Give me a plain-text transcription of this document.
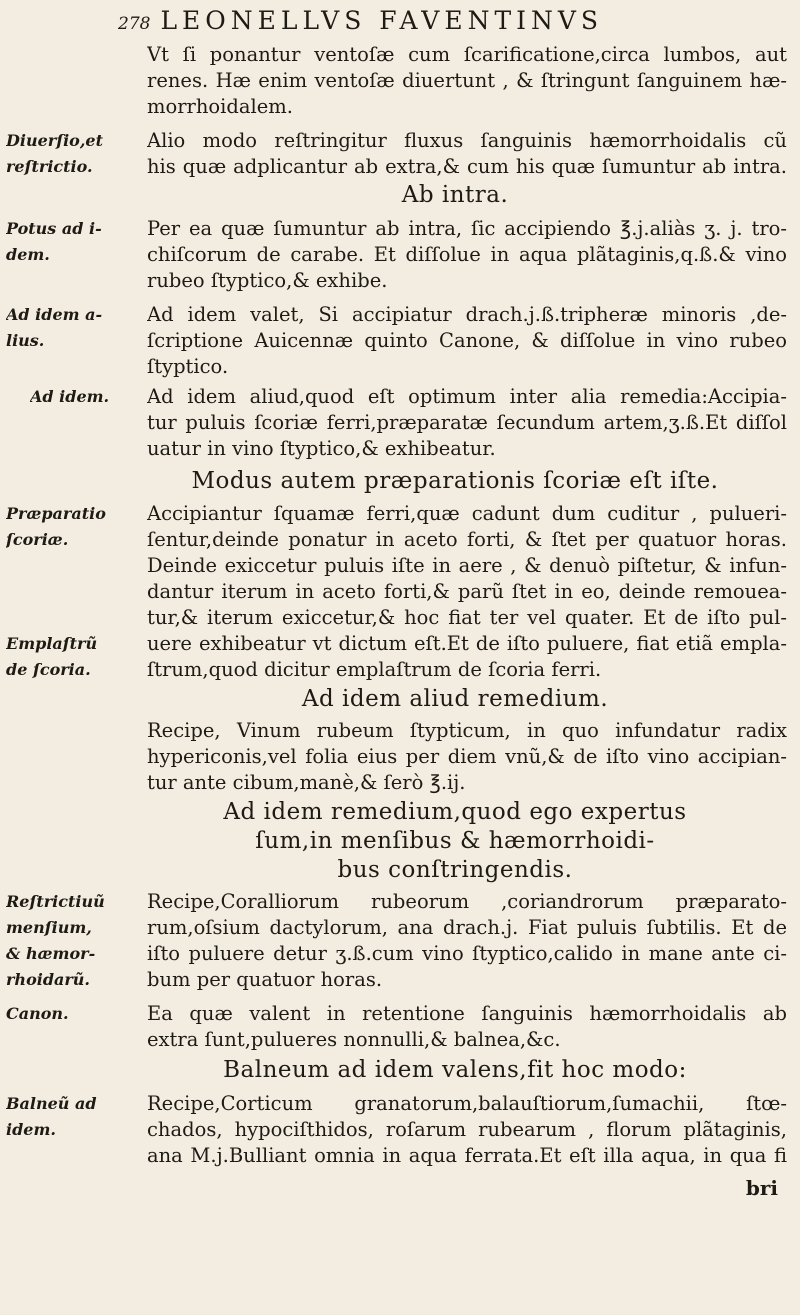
278 LEONELLVS FAVENTINVS
Vt ſi ponantur ventoſæ cum ſcarificatione,circa lumbos, aut
renes. Hæ enim ventoſæ diuertunt , & ſtringunt ſanguinem hæ-
morrhoidalem.
Alio modo reſtringitur fluxus ſanguinis hæmorrhoidalis cũ
his quæ adplicantur ab extra,& cum his quæ ſumuntur ab intra.
Ab intra.
Per ea quæ ſumuntur ab intra, ſic accipiendo ℥.j.aliàs ʒ. j. tro-
chiſcorum de carabe. Et diſſolue in aqua plãtaginis,q.ß.& vino
rubeo ſtyptico,& exhibe.
Ad idem valet, Si accipiatur drach.j.ß.tripheræ minoris ,de-
ſcriptione Auicennæ quinto Canone, & diſſolue in vino rubeo
ſtyptico.
Ad idem aliud,quod eſt optimum inter alia remedia:Accipia-
tur puluis ſcoriæ ferri,præparatæ ſecundum artem,ʒ.ß.Et diſſol
uatur in vino ſtyptico,& exhibeatur.
Modus autem præparationis ſcoriæ eſt iſte.
Accipiantur ſquamæ ferri,quæ cadunt dum cuditur , pulueri-
ſentur,deinde ponatur in aceto forti, & ſtet per quatuor horas.
Deinde exiccetur puluis iſte in aere , & denuò piſtetur, & infun-
dantur iterum in aceto forti,& parũ ſtet in eo, deinde remouea-
tur,& iterum exiccetur,& hoc fiat ter vel quater. Et de iſto pul-
uere exhibeatur vt dictum eſt.Et de iſto puluere, fiat etiã empla-
ſtrum,quod dicitur emplaſtrum de ſcoria ferri.
Ad idem aliud remedium.
Recipe, Vinum rubeum ſtypticum, in quo infundatur radix
hypericonis,vel folia eius per diem vnũ,& de iſto vino accipian-
tur ante cibum,manè,& ſerò ℥.ij.
Ad idem remedium,quod ego expertus
ſum,in menſibus & hæmorrhoidi-
bus conſtringendis.
Recipe,Coralliorum rubeorum ,coriandrorum præparato-
rum,oſsium dactylorum, ana drach.j. Fiat puluis ſubtilis. Et de
iſto puluere detur ʒ.ß.cum vino ſtyptico,calido in mane ante ci-
bum per quatuor horas.
Ea quæ valent in retentione ſanguinis hæmorrhoidalis ab
extra ſunt,pulueres nonnulli,& balnea,&c.
Balneum ad idem valens,fit hoc modo:
Recipe,Corticum granatorum,balauſtiorum,ſumachii, ſtœ-
chados, hypociſthidos, roſarum rubearum , florum plãtaginis,
ana M.j.Bulliant omnia in aqua ferrata.Et eſt illa aqua, in qua fi
Diuerſio,et
reſtrictio.
Potus ad i-
dem.
Ad idem a-
lius.
Ad idem.
Præparatio
ſcoriæ.
Emplaſtrũ
de ſcoria.
Reſtrictiuũ
menſium,
& hæmor-
rhoidarũ.
Canon.
Balneũ ad
idem.
bri
